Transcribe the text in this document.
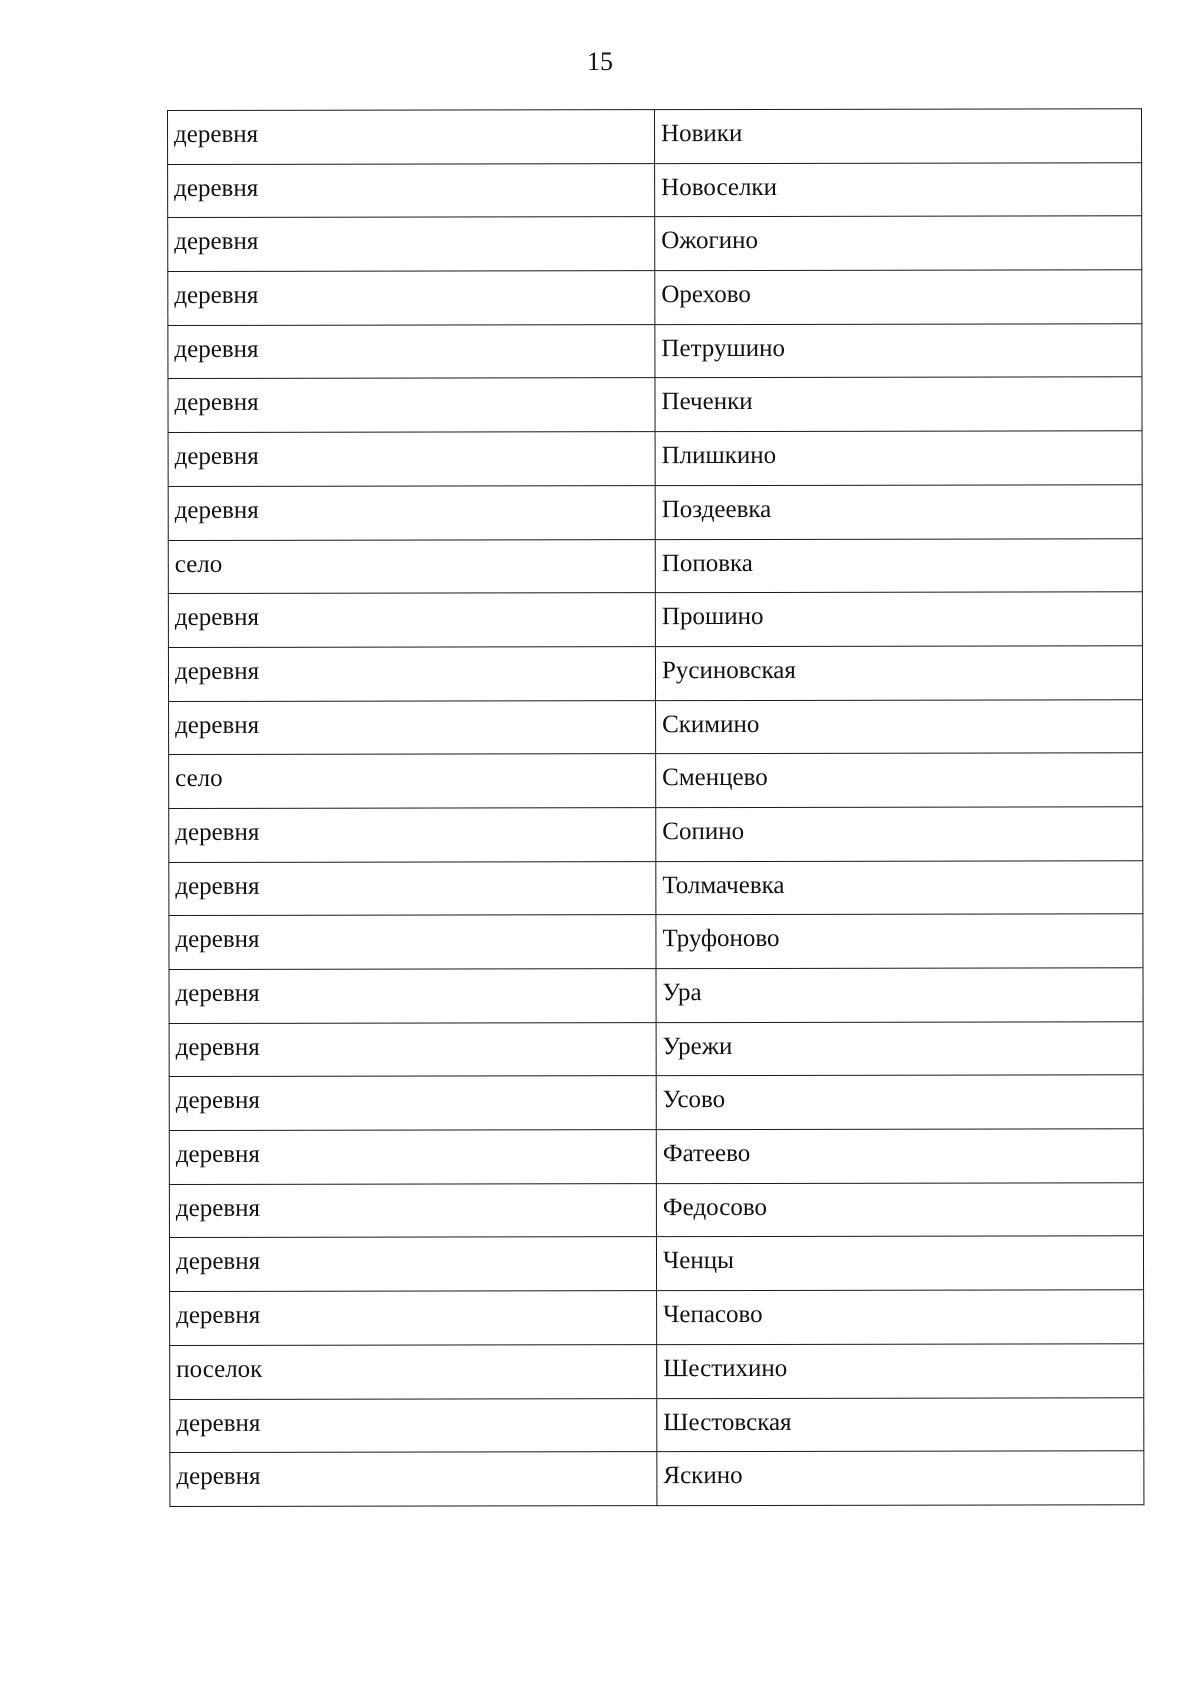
15
деревня	Новики
деревня	Новоселки
деревня	Ожогино
деревня	Орехово
деревня	Петрушино
деревня	Печенки
деревня	Плишкино
деревня	Поздеевка
село	Поповка
деревня	Прошино
деревня	Русиновская
деревня	Скимино
село	Сменцево
деревня	Сопино
деревня	Толмачевка
деревня	Труфоново
деревня	Ура
деревня	Урежи
деревня	Усово
деревня	Фатеево
деревня	Федосово
деревня	Ченцы
деревня	Чепасово
поселок	Шестихино
деревня	Шестовская
деревня	Яскино
